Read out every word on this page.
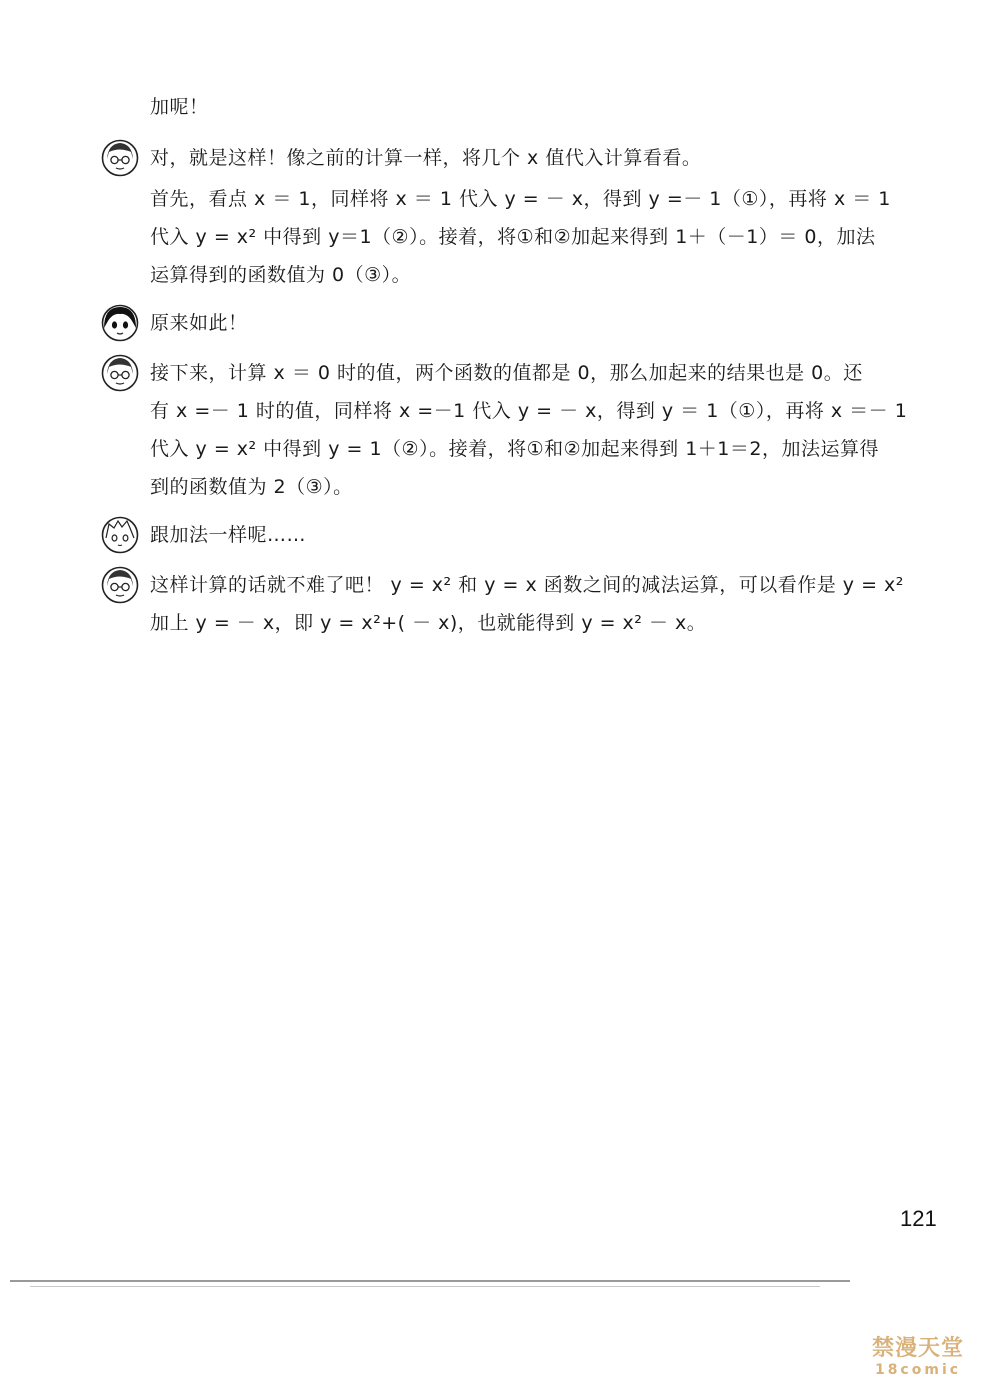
加呢！
对，就是这样！像之前的计算一样，将几个 x 值代入计算看看。
首先，看点 x ＝ 1，同样将 x ＝ 1 代入 y = － x，得到 y =－ 1（①），再将 x ＝ 1
代入 y = x² 中得到 y＝1（②）。接着，将①和②加起来得到 1＋（－1）＝ 0，加法
运算得到的函数值为 0（③）。
原来如此！
接下来，计算 x ＝ 0 时的值，两个函数的值都是 0，那么加起来的结果也是 0。还
有 x =－ 1 时的值，同样将 x =－1 代入 y = － x，得到 y ＝ 1（①），再将 x ＝－ 1
代入 y = x² 中得到 y = 1（②）。接着，将①和②加起来得到 1＋1＝2，加法运算得
到的函数值为 2（③）。
跟加法一样呢……
这样计算的话就不难了吧！ y = x² 和 y = x 函数之间的减法运算，可以看作是 y = x²
加上 y = － x，即 y = x²+( － x)，也就能得到 y = x² － x。
121
禁漫天堂
18comic
